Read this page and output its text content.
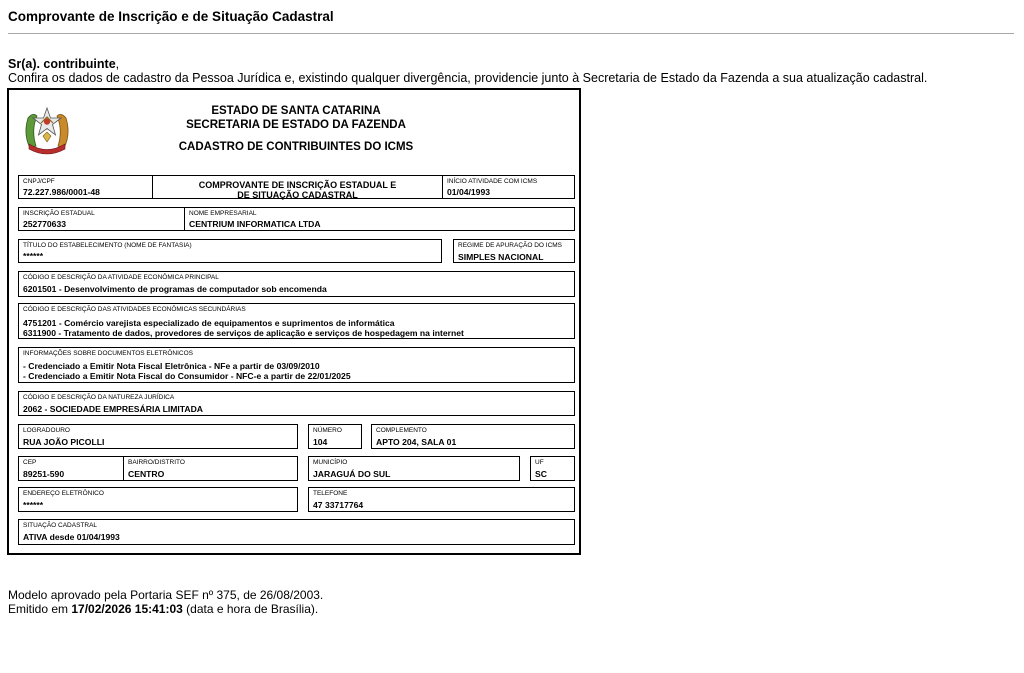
Comprovante de Inscrição e de Situação Cadastral
Sr(a). contribuinte,
Confira os dados de cadastro da Pessoa Jurídica e, existindo qualquer divergência, providencie junto à Secretaria de Estado da Fazenda a sua atualização cadastral.
ESTADO DE SANTA CATARINA
SECRETARIA DE ESTADO DA FAZENDA
CADASTRO DE CONTRIBUINTES DO ICMS
CNPJ/CPF
72.227.986/0001-48
COMPROVANTE DE INSCRIÇÃO ESTADUAL E
DE SITUAÇÃO CADASTRAL
INÍCIO ATIVIDADE COM ICMS
01/04/1993
INSCRIÇÃO ESTADUAL
252770633
NOME EMPRESARIAL
CENTRIUM INFORMATICA LTDA
TÍTULO DO ESTABELECIMENTO (NOME DE FANTASIA)
******
REGIME DE APURAÇÃO DO ICMS
SIMPLES NACIONAL
CÓDIGO E DESCRIÇÃO DA ATIVIDADE ECONÔMICA PRINCIPAL
6201501 - Desenvolvimento de programas de computador sob encomenda
CÓDIGO E DESCRIÇÃO DAS ATIVIDADES ECONÔMICAS SECUNDÁRIAS
4751201 - Comércio varejista especializado de equipamentos e suprimentos de informática
6311900 - Tratamento de dados, provedores de serviços de aplicação e serviços de hospedagem na internet
INFORMAÇÕES SOBRE DOCUMENTOS ELETRÔNICOS
- Credenciado a Emitir Nota Fiscal Eletrônica - NFe a partir de 03/09/2010
- Credenciado a Emitir Nota Fiscal do Consumidor - NFC-e a partir de 22/01/2025
CÓDIGO E DESCRIÇÃO DA NATUREZA JURÍDICA
2062 - SOCIEDADE EMPRESÁRIA LIMITADA
LOGRADOURO
RUA JOÃO PICOLLI
NÚMERO
104
COMPLEMENTO
APTO 204, SALA 01
CEP
89251-590
BAIRRO/DISTRITO
CENTRO
MUNICÍPIO
JARAGUÁ DO SUL
UF
SC
ENDEREÇO ELETRÔNICO
******
TELEFONE
47 33717764
SITUAÇÃO CADASTRAL
ATIVA desde 01/04/1993
Modelo aprovado pela Portaria SEF nº 375, de 26/08/2003.
Emitido em 17/02/2026 15:41:03 (data e hora de Brasília).
